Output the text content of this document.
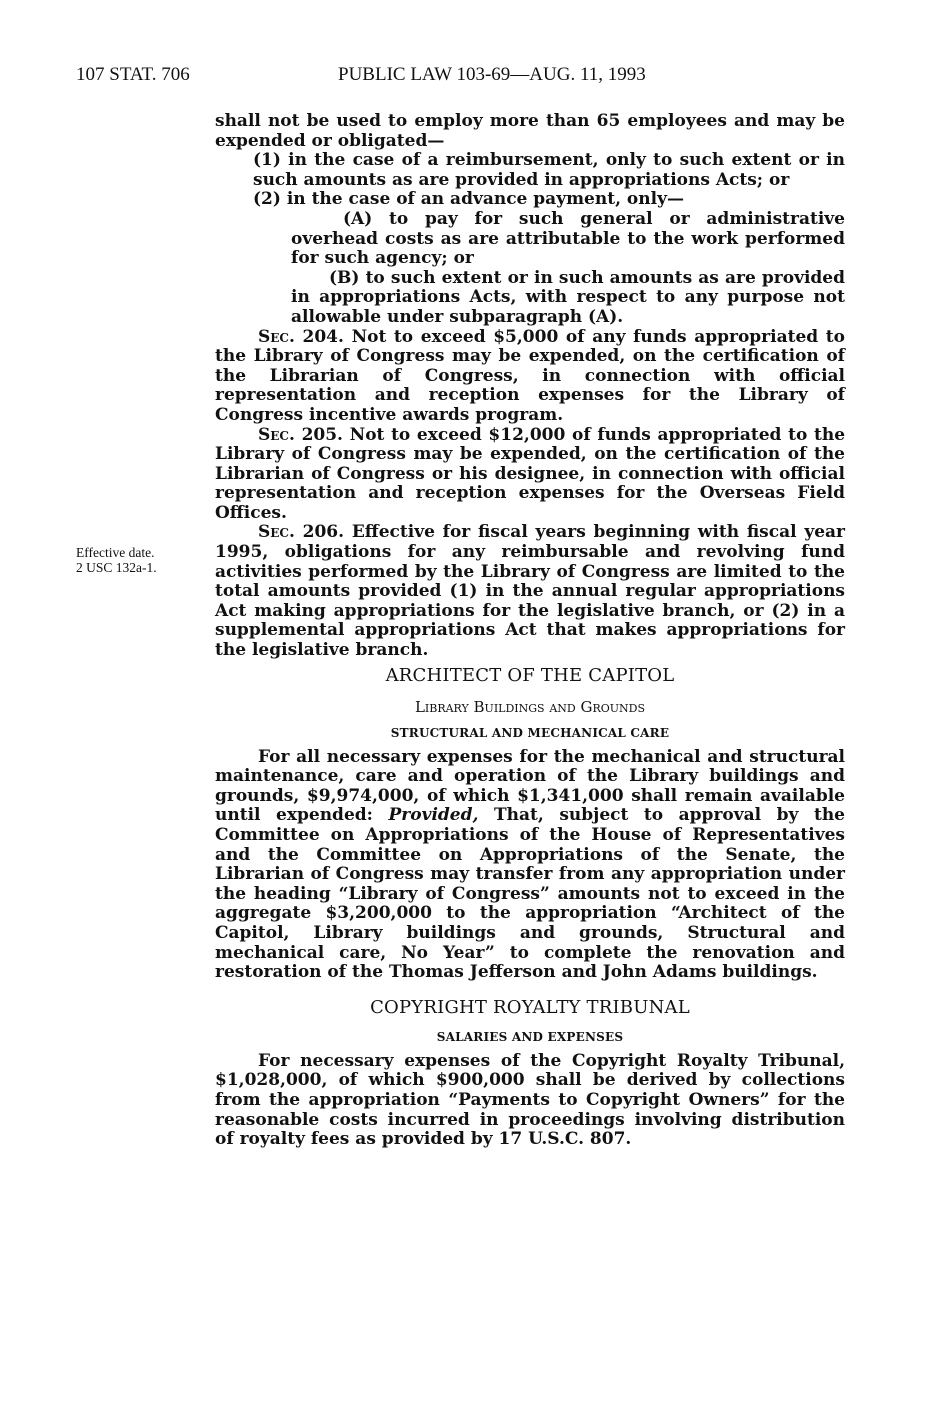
107 STAT. 706	PUBLIC LAW 103-69—AUG. 11, 1993
Effective date.
2 USC 132a-1.

shall not be used to employ more than 65 employees and may be expended or obligated—

(1) in the case of a reimbursement, only to such extent or in such amounts as are provided in appropriations Acts; or

(2) in the case of an advance payment, only—

(A) to pay for such general or administrative overhead costs as are attributable to the work performed for such agency; or

(B) to such extent or in such amounts as are provided in appropriations Acts, with respect to any purpose not allowable under subparagraph (A).

Sec. 204. Not to exceed $5,000 of any funds appropriated to the Library of Congress may be expended, on the certification of the Librarian of Congress, in connection with official representation and reception expenses for the Library of Congress incentive awards program.

Sec. 205. Not to exceed $12,000 of funds appropriated to the Library of Congress may be expended, on the certification of the Librarian of Congress or his designee, in connection with official representation and reception expenses for the Overseas Field Offices.

Sec. 206. Effective for fiscal years beginning with fiscal year 1995, obligations for any reimbursable and revolving fund activities performed by the Library of Congress are limited to the total amounts provided (1) in the annual regular appropriations Act making appropriations for the legislative branch, or (2) in a supplemental appropriations Act that makes appropriations for the legislative branch.

ARCHITECT OF THE CAPITOL
Library Buildings and Grounds
STRUCTURAL AND MECHANICAL CARE

For all necessary expenses for the mechanical and structural maintenance, care and operation of the Library buildings and grounds, $9,974,000, of which $1,341,000 shall remain available until expended: Provided, That, subject to approval by the Committee on Appropriations of the House of Representatives and the Committee on Appropriations of the Senate, the Librarian of Congress may transfer from any appropriation under the heading “Library of Congress” amounts not to exceed in the aggregate $3,200,000 to the appropriation “Architect of the Capitol, Library buildings and grounds, Structural and mechanical care, No Year” to complete the renovation and restoration of the Thomas Jefferson and John Adams buildings.

COPYRIGHT ROYALTY TRIBUNAL
SALARIES AND EXPENSES

For necessary expenses of the Copyright Royalty Tribunal, $1,028,000, of which $900,000 shall be derived by collections from the appropriation “Payments to Copyright Owners” for the reasonable costs incurred in proceedings involving distribution of royalty fees as provided by 17 U.S.C. 807.
